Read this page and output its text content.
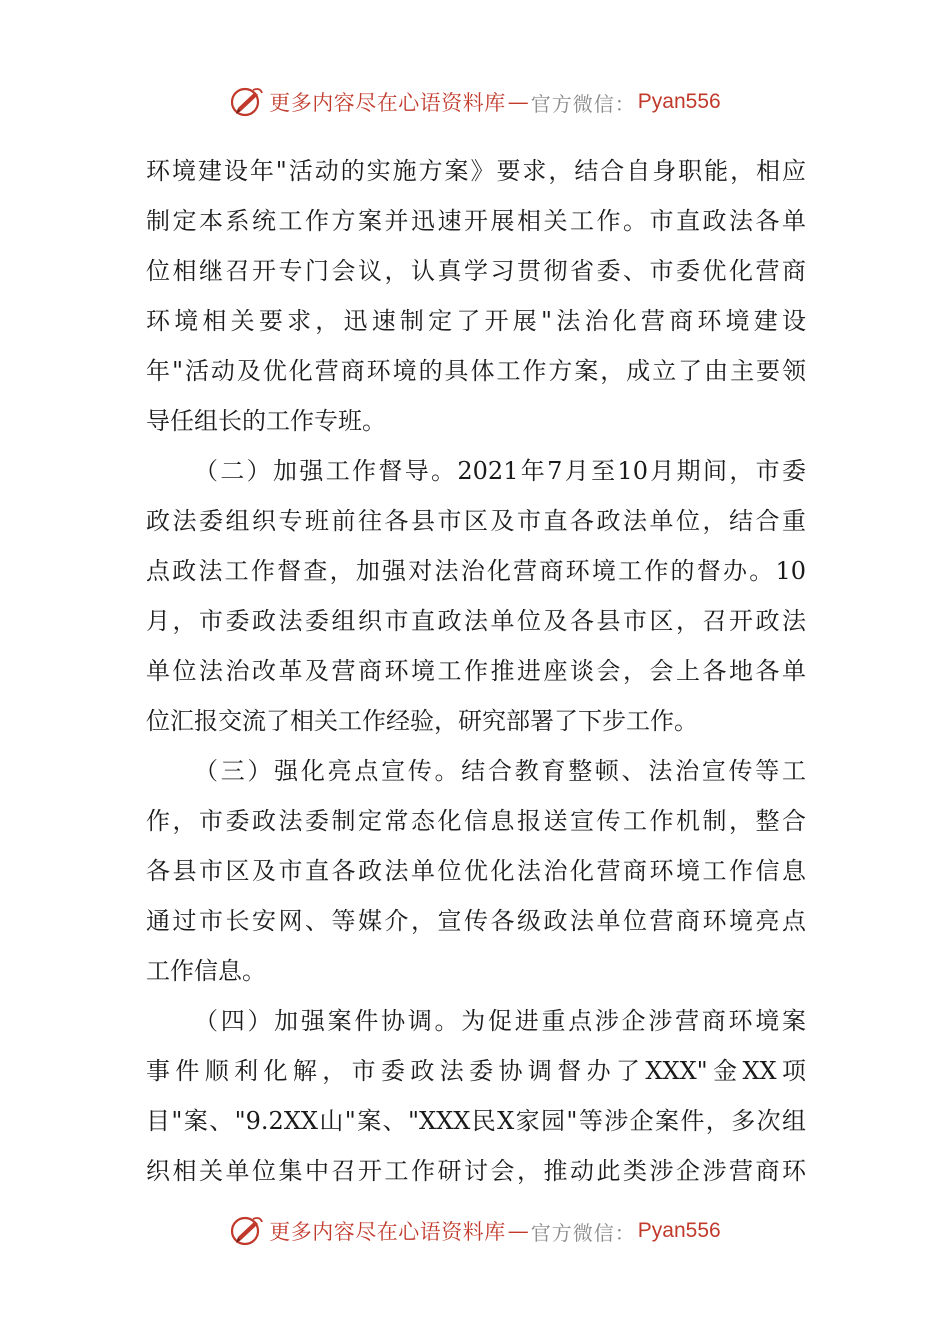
更多内容尽在心语资料库 — 官方微信： Pyan556
环境建设年"活动的实施方案》要求，结合自身职能，相应
制定本系统工作方案并迅速开展相关工作。市直政法各单
位相继召开专门会议，认真学习贯彻省委、市委优化营商
环境相关要求，迅速制定了开展"法治化营商环境建设
年"活动及优化营商环境的具体工作方案，成立了由主要领
导任组长的工作专班。
（二）加强工作督导。2021年7月至10月期间，市委
政法委组织专班前往各县市区及市直各政法单位，结合重
点政法工作督查，加强对法治化营商环境工作的督办。10
月，市委政法委组织市直政法单位及各县市区，召开政法
单位法治改革及营商环境工作推进座谈会，会上各地各单
位汇报交流了相关工作经验，研究部署了下步工作。
（三）强化亮点宣传。结合教育整顿、法治宣传等工
作，市委政法委制定常态化信息报送宣传工作机制，整合
各县市区及市直各政法单位优化法治化营商环境工作信息
通过市长安网、等媒介，宣传各级政法单位营商环境亮点
工作信息。
（四）加强案件协调。为促进重点涉企涉营商环境案
事件顺利化解，市委政法委协调督办了XXX"金XX项
目"案、"9.2XX山"案、"XXX民X家园"等涉企案件，多次组
织相关单位集中召开工作研讨会，推动此类涉企涉营商环
更多内容尽在心语资料库 — 官方微信： Pyan556
